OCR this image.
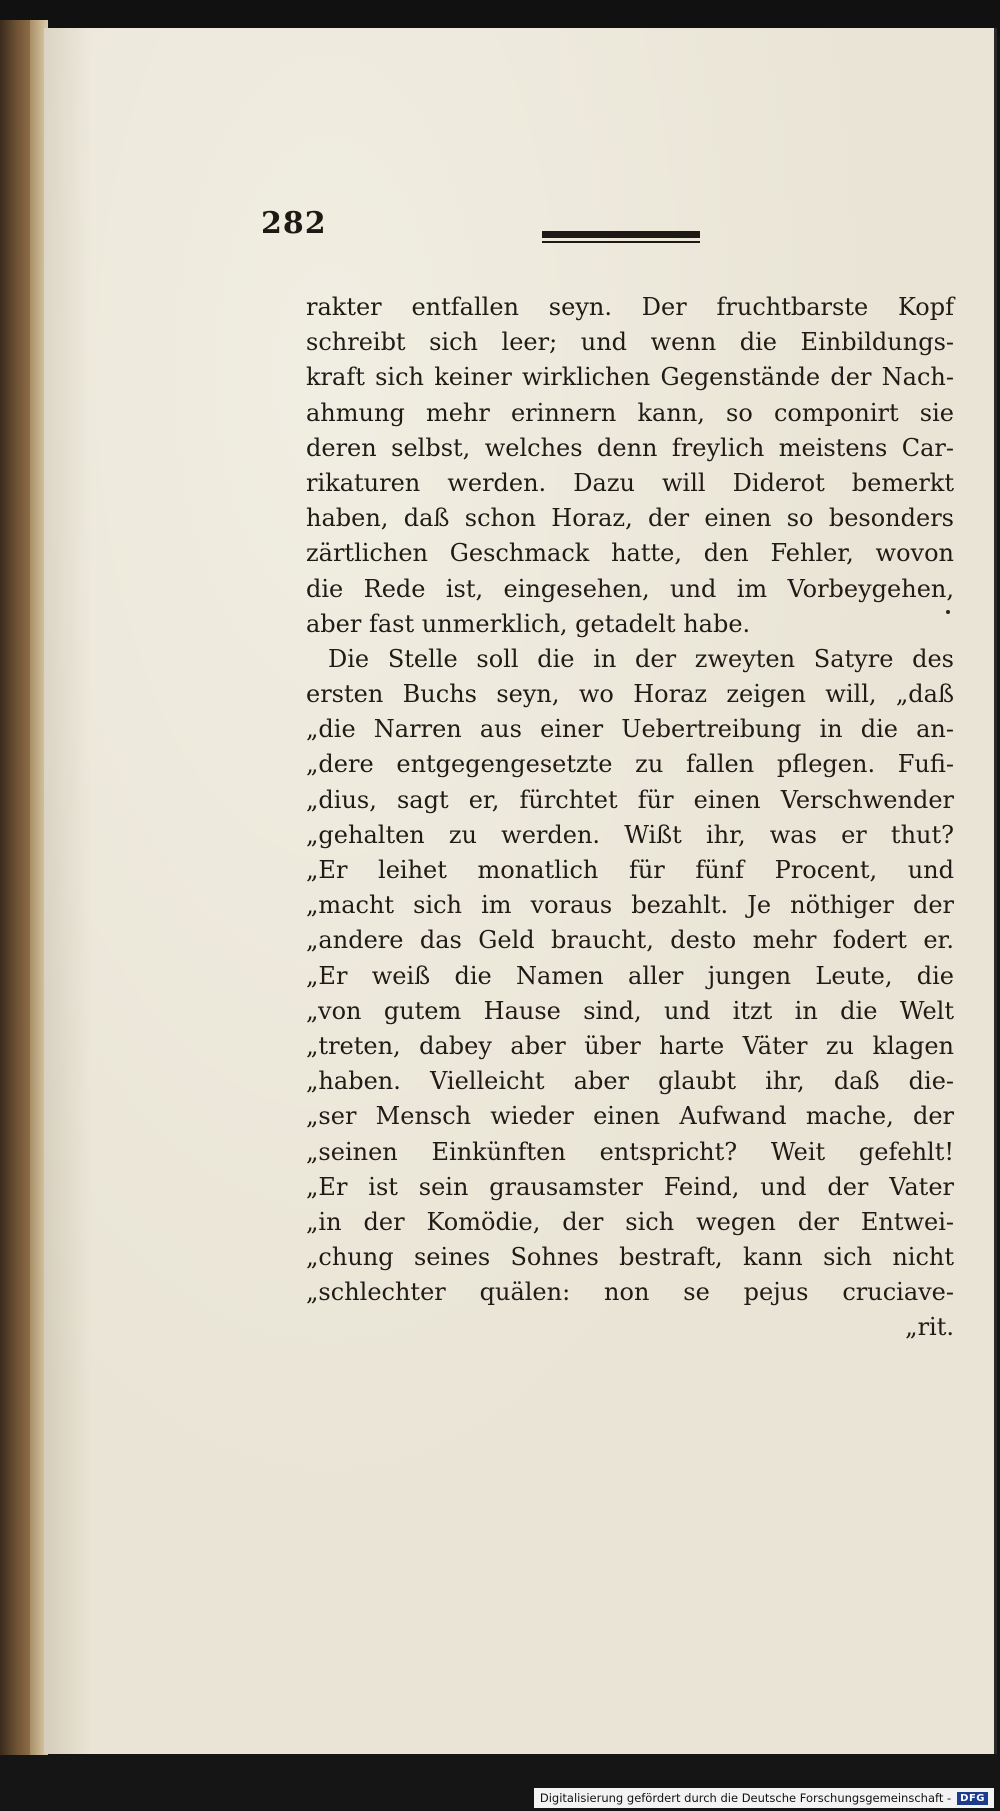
282
rakter entfallen seyn. Der fruchtbarste Kopf
schreibt sich leer; und wenn die Einbildungs-
kraft sich keiner wirklichen Gegenstände der Nach-
ahmung mehr erinnern kann, so componirt sie
deren selbst, welches denn freylich meistens Car-
rikaturen werden. Dazu will Diderot bemerkt
haben, daß schon Horaz, der einen so besonders
zärtlichen Geschmack hatte, den Fehler, wovon
die Rede ist, eingesehen, und im Vorbeygehen,
aber fast unmerklich, getadelt habe.
Die Stelle soll die in der zweyten Satyre des
ersten Buchs seyn, wo Horaz zeigen will, „daß
„die Narren aus einer Uebertreibung in die an-
„dere entgegengesetzte zu fallen pflegen. Fufi-
„dius, sagt er, fürchtet für einen Verschwender
„gehalten zu werden. Wißt ihr, was er thut?
„Er leihet monatlich für fünf Procent, und
„macht sich im voraus bezahlt. Je nöthiger der
„andere das Geld braucht, desto mehr fodert er.
„Er weiß die Namen aller jungen Leute, die
„von gutem Hause sind, und itzt in die Welt
„treten, dabey aber über harte Väter zu klagen
„haben. Vielleicht aber glaubt ihr, daß die-
„ser Mensch wieder einen Aufwand mache, der
„seinen Einkünften entspricht? Weit gefehlt!
„Er ist sein grausamster Feind, und der Vater
„in der Komödie, der sich wegen der Entwei-
„chung seines Sohnes bestraft, kann sich nicht
„schlechter quälen: non se pejus cruciave-
„rit.
Digitalisierung gefördert durch die Deutsche Forschungsgemeinschaft - DFG
